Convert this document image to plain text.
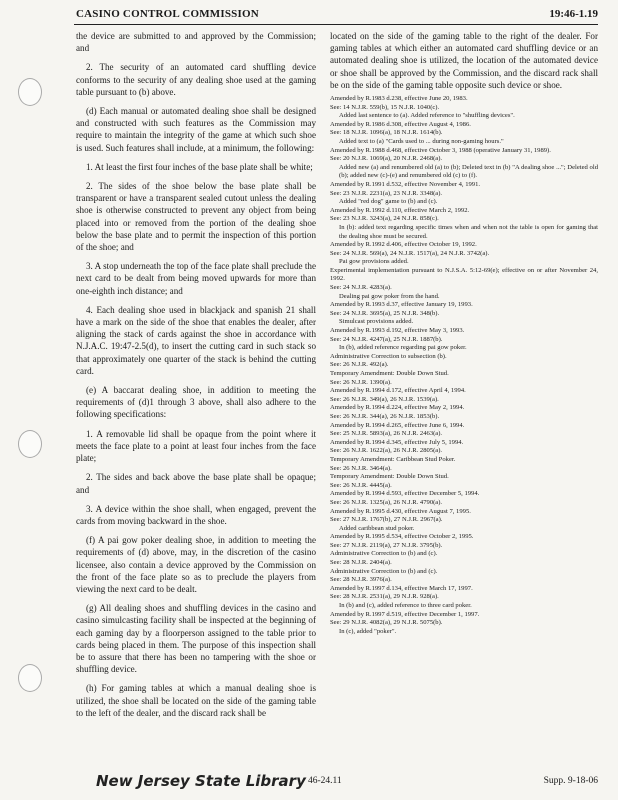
CASINO CONTROL COMMISSION	19:46-1.19

the device are submitted to and approved by the Commission; and

2. The security of an automated card shuffling device conforms to the security of any dealing shoe used at the gaming table pursuant to (b) above.

(d) Each manual or automated dealing shoe shall be designed and constructed with such features as the Commission may require to maintain the integrity of the game at which such shoe is used. Such features shall include, at a minimum, the following:

1. At least the first four inches of the base plate shall be white;

2. The sides of the shoe below the base plate shall be transparent or have a transparent sealed cutout unless the dealing shoe is otherwise constructed to prevent any object from being placed into or removed from the portion of the dealing shoe below the base plate and to permit the inspection of this portion of the shoe; and

3. A stop underneath the top of the face plate shall preclude the next card to be dealt from being moved upwards for more than one-eighth inch distance; and

4. Each dealing shoe used in blackjack and spanish 21 shall have a mark on the side of the shoe that enables the dealer, after aligning the stack of cards against the shoe in accordance with N.J.A.C. 19:47-2.5(d), to insert the cutting card in such stack so that approximately one quarter of the stack is behind the cutting card.

(e) A baccarat dealing shoe, in addition to meeting the requirements of (d)1 through 3 above, shall also adhere to the following specifications:

1. A removable lid shall be opaque from the point where it meets the face plate to a point at least four inches from the face plate;

2. The sides and back above the base plate shall be opaque; and

3. A device within the shoe shall, when engaged, prevent the cards from moving backward in the shoe.

(f) A pai gow poker dealing shoe, in addition to meeting the requirements of (d) above, may, in the discretion of the casino licensee, also contain a device approved by the Commission on the front of the face plate so as to preclude the players from viewing the next card to be dealt.

(g) All dealing shoes and shuffling devices in the casino and casino simulcasting facility shall be inspected at the beginning of each gaming day by a floorperson assigned to the table prior to cards being placed in them. The purpose of this inspection shall be to assure that there has been no tampering with the shoe or shuffling device.

(h) For gaming tables at which a manual dealing shoe is utilized, the shoe shall be located on the side of the gaming table to the left of the dealer, and the discard rack shall be

located on the side of the gaming table to the right of the dealer. For gaming tables at which either an automated card shuffling device or an automated dealing shoe is utilized, the location of the automated device or shoe shall be approved by the Commission, and the discard rack shall be on the side of the gaming table opposite such device or shoe.

Amended by R.1983 d.238, effective June 20, 1983.
See: 14 N.J.R. 559(b), 15 N.J.R. 1040(c).
Added last sentence to (a). Added reference to "shuffling devices".
Amended by R.1986 d.308, effective August 4, 1986.
See: 18 N.J.R. 1096(a), 18 N.J.R. 1614(b).
Added text to (a) "Cards used to ... during non-gaming hours."
Amended by R.1988 d.468, effective October 3, 1988 (operative January 31, 1989).
See: 20 N.J.R. 1069(a), 20 N.J.R. 2468(a).
Added new (a) and renumbered old (a) to (b); Deleted text in (b) "A dealing shoe ..."; Deleted old (b); added new (c)-(e) and renumbered old (c) to (f).
Amended by R.1991 d.532, effective November 4, 1991.
See: 23 N.J.R. 2231(a), 23 N.J.R. 3348(a).
Added "red dog" game to (b) and (c).
Amended by R.1992 d.110, effective March 2, 1992.
See: 23 N.J.R. 3243(a), 24 N.J.R. 858(c).
In (b): added text regarding specific times when and when not the table is open for gaming that the dealing shoe must be secured.
Amended by R.1992 d.406, effective October 19, 1992.
See: 24 N.J.R. 569(a), 24 N.J.R. 1517(a), 24 N.J.R. 3742(a).
Pai gow provisions added.
Experimental implementation pursuant to N.J.S.A. 5:12-69(e); effective on or after November 24, 1992.
See: 24 N.J.R. 4283(a).
Dealing pai gow poker from the hand.
Amended by R.1993 d.37, effective January 19, 1993.
See: 24 N.J.R. 3695(a), 25 N.J.R. 348(b).
Simulcast provisions added.
Amended by R.1993 d.192, effective May 3, 1993.
See: 24 N.J.R. 4247(a), 25 N.J.R. 1887(b).
In (b), added reference regarding pai gow poker.
Administrative Correction to subsection (b).
See: 26 N.J.R. 492(a).
Temporary Amendment: Double Down Stud.
See: 26 N.J.R. 1390(a).
Amended by R.1994 d.172, effective April 4, 1994.
See: 26 N.J.R. 349(a), 26 N.J.R. 1539(a).
Amended by R.1994 d.224, effective May 2, 1994.
See: 26 N.J.R. 344(a), 26 N.J.R. 1853(b).
Amended by R.1994 d.265, effective June 6, 1994.
See: 25 N.J.R. 5893(a), 26 N.J.R. 2463(a).
Amended by R.1994 d.345, effective July 5, 1994.
See: 26 N.J.R. 1622(a), 26 N.J.R. 2805(a).
Temporary Amendment: Caribbean Stud Poker.
See: 26 N.J.R. 3464(a).
Temporary Amendment: Double Down Stud.
See: 26 N.J.R. 4445(a).
Amended by R.1994 d.593, effective December 5, 1994.
See: 26 N.J.R. 1325(a), 26 N.J.R. 4790(a).
Amended by R.1995 d.430, effective August 7, 1995.
See: 27 N.J.R. 1767(b), 27 N.J.R. 2967(a).
Added caribbean stud poker.
Amended by R.1995 d.534, effective October 2, 1995.
See: 27 N.J.R. 2119(a), 27 N.J.R. 3795(b).
Administrative Correction to (b) and (c).
See: 28 N.J.R. 2404(a).
Administrative Correction to (b) and (c).
See: 28 N.J.R. 3976(a).
Amended by R.1997 d.134, effective March 17, 1997.
See: 28 N.J.R. 2531(a), 29 N.J.R. 928(a).
In (b) and (c), added reference to three card poker.
Amended by R.1997 d.519, effective December 1, 1997.
See: 29 N.J.R. 4082(a), 29 N.J.R. 5075(b).
In (c), added "poker".
New Jersey State Library 46-24.11	Supp. 9-18-06
